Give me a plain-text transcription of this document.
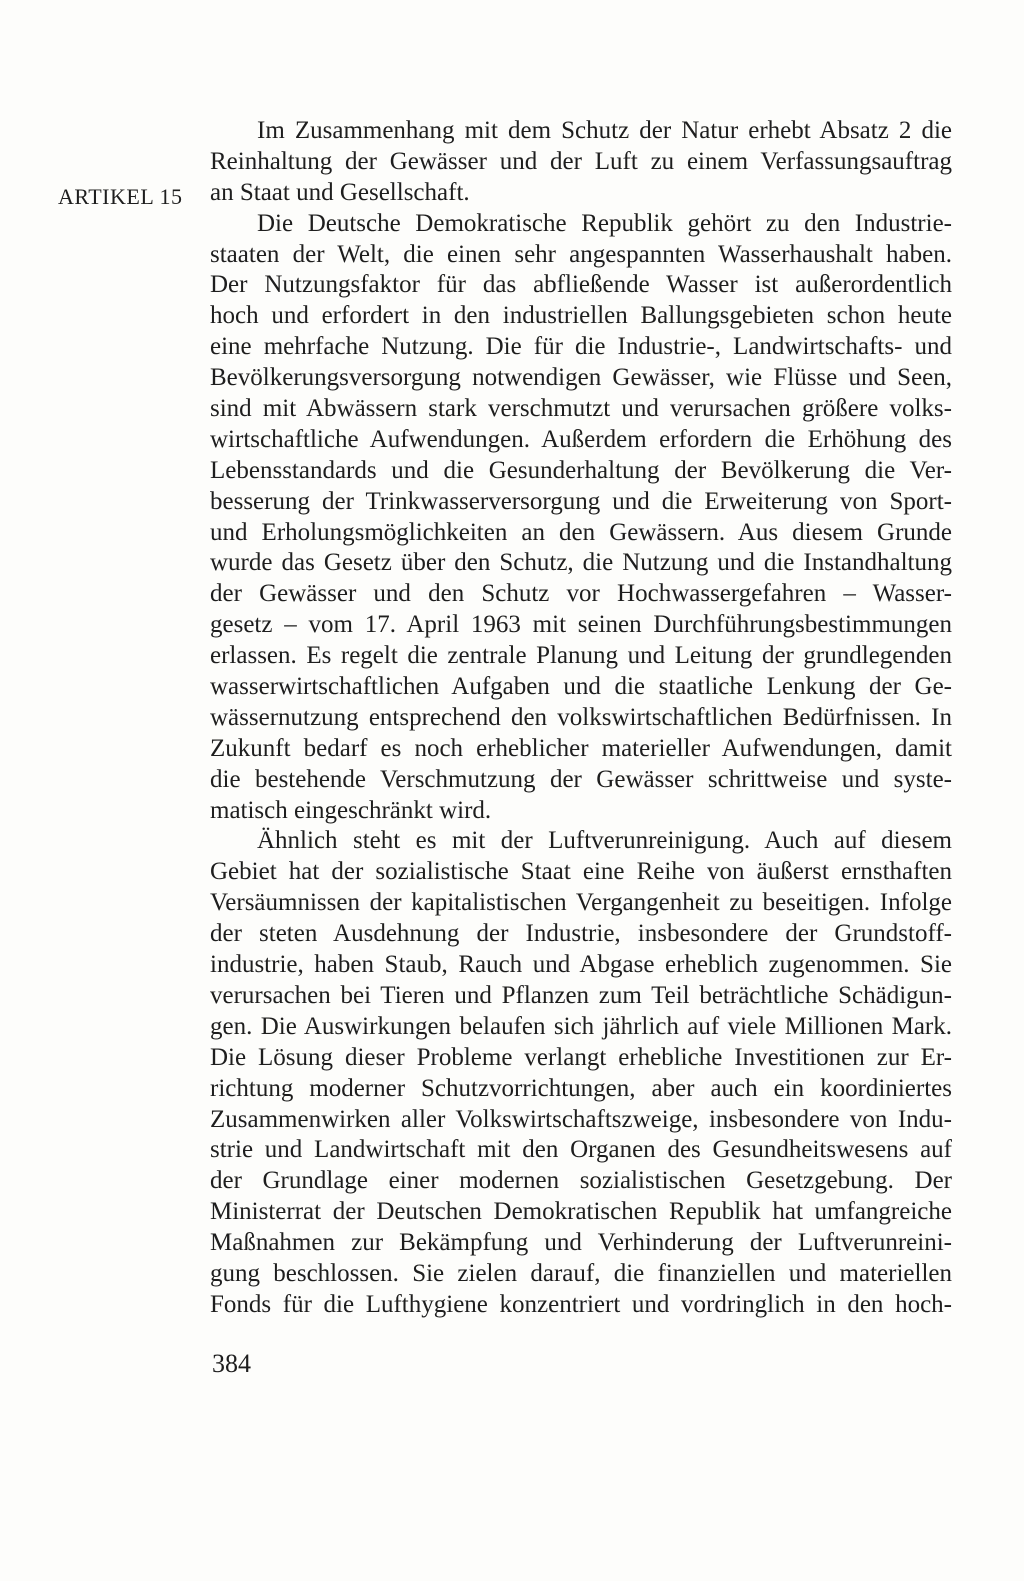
ARTIKEL 15
Im Zusammenhang mit dem Schutz der Natur erhebt Absatz 2 die
Reinhaltung der Gewässer und der Luft zu einem Verfassungsauftrag
an Staat und Gesellschaft.
Die Deutsche Demokratische Republik gehört zu den Industrie-
staaten der Welt, die einen sehr angespannten Wasserhaushalt haben.
Der Nutzungsfaktor für das abfließende Wasser ist außerordentlich
hoch und erfordert in den industriellen Ballungsgebieten schon heute
eine mehrfache Nutzung. Die für die Industrie-, Landwirtschafts- und
Bevölkerungsversorgung notwendigen Gewässer, wie Flüsse und Seen,
sind mit Abwässern stark verschmutzt und verursachen größere volks-
wirtschaftliche Aufwendungen. Außerdem erfordern die Erhöhung des
Lebensstandards und die Gesunderhaltung der Bevölkerung die Ver-
besserung der Trinkwasserversorgung und die Erweiterung von Sport-
und Erholungsmöglichkeiten an den Gewässern. Aus diesem Grunde
wurde das Gesetz über den Schutz, die Nutzung und die Instandhaltung
der Gewässer und den Schutz vor Hochwassergefahren – Wasser-
gesetz – vom 17. April 1963 mit seinen Durchführungsbestimmungen
erlassen. Es regelt die zentrale Planung und Leitung der grundlegenden
wasserwirtschaftlichen Aufgaben und die staatliche Lenkung der Ge-
wässernutzung entsprechend den volkswirtschaftlichen Bedürfnissen. In
Zukunft bedarf es noch erheblicher materieller Aufwendungen, damit
die bestehende Verschmutzung der Gewässer schrittweise und syste-
matisch eingeschränkt wird.
Ähnlich steht es mit der Luftverunreinigung. Auch auf diesem
Gebiet hat der sozialistische Staat eine Reihe von äußerst ernsthaften
Versäumnissen der kapitalistischen Vergangenheit zu beseitigen. Infolge
der steten Ausdehnung der Industrie, insbesondere der Grundstoff-
industrie, haben Staub, Rauch und Abgase erheblich zugenommen. Sie
verursachen bei Tieren und Pflanzen zum Teil beträchtliche Schädigun-
gen. Die Auswirkungen belaufen sich jährlich auf viele Millionen Mark.
Die Lösung dieser Probleme verlangt erhebliche Investitionen zur Er-
richtung moderner Schutzvorrichtungen, aber auch ein koordiniertes
Zusammenwirken aller Volkswirtschaftszweige, insbesondere von Indu-
strie und Landwirtschaft mit den Organen des Gesundheitswesens auf
der Grundlage einer modernen sozialistischen Gesetzgebung. Der
Ministerrat der Deutschen Demokratischen Republik hat umfangreiche
Maßnahmen zur Bekämpfung und Verhinderung der Luftverunreini-
gung beschlossen. Sie zielen darauf, die finanziellen und materiellen
Fonds für die Lufthygiene konzentriert und vordringlich in den hoch-
384
